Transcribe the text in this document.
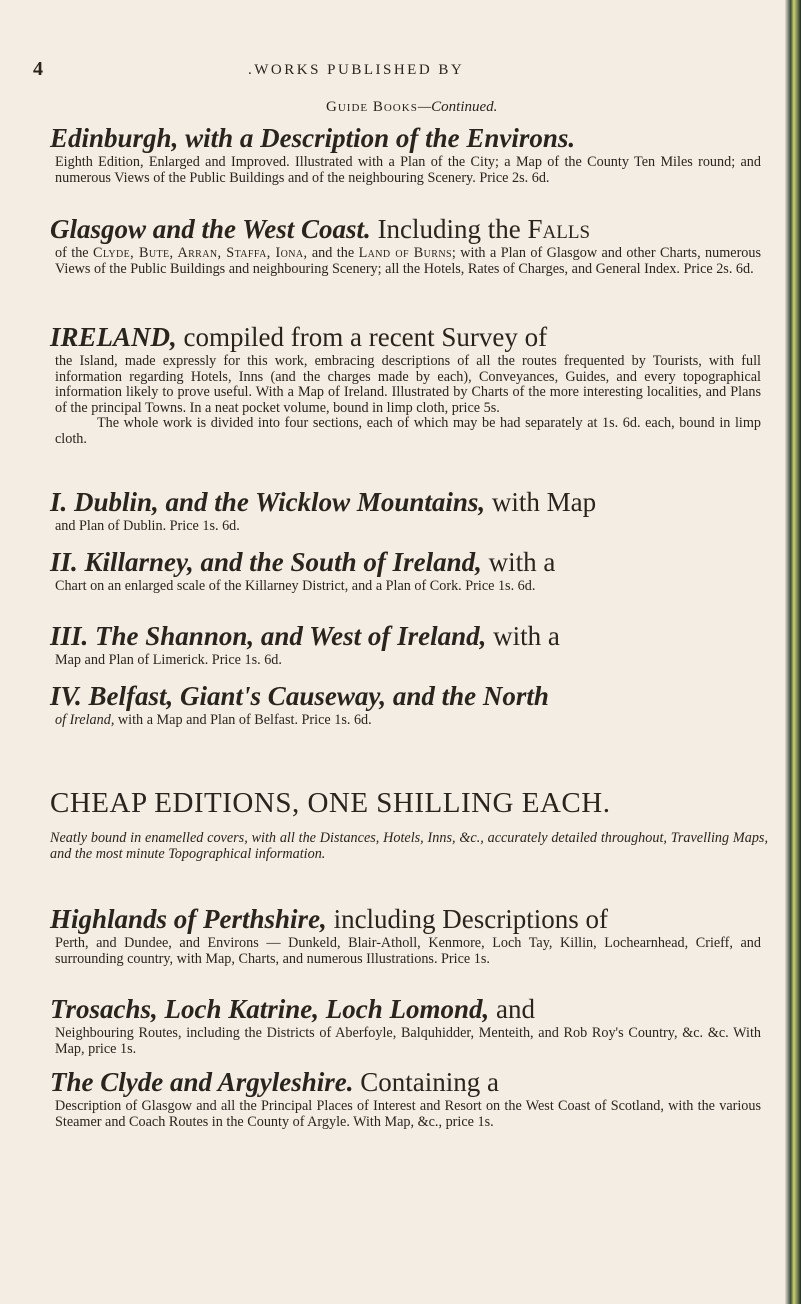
4	.WORKS PUBLISHED BY
Guide Books—Continued.
Edinburgh, with a Description of the Environs.
Eighth Edition, Enlarged and Improved. Illustrated with a Plan of the City; a Map of the County Ten Miles round; and numerous Views of the Public Buildings and of the neighbouring Scenery. Price 2s. 6d.
Glasgow and the West Coast. Including the Falls
of the Clyde, Bute, Arran, Staffa, Iona, and the Land of Burns; with a Plan of Glasgow and other Charts, numerous Views of the Public Buildings and neighbouring Scenery; all the Hotels, Rates of Charges, and General Index. Price 2s. 6d.
IRELAND, compiled from a recent Survey of
the Island, made expressly for this work, embracing descriptions of all the routes frequented by Tourists, with full information regarding Hotels, Inns (and the charges made by each), Conveyances, Guides, and every topographical information likely to prove useful. With a Map of Ireland. Illustrated by Charts of the more interesting localities, and Plans of the principal Towns. In a neat pocket volume, bound in limp cloth, price 5s.
The whole work is divided into four sections, each of which may be had separately at 1s. 6d. each, bound in limp cloth.
I. Dublin, and the Wicklow Mountains, with Map
and Plan of Dublin. Price 1s. 6d.
II. Killarney, and the South of Ireland, with a
Chart on an enlarged scale of the Killarney District, and a Plan of Cork. Price 1s. 6d.
III. The Shannon, and West of Ireland, with a
Map and Plan of Limerick. Price 1s. 6d.
IV. Belfast, Giant's Causeway, and the North
of Ireland, with a Map and Plan of Belfast. Price 1s. 6d.
CHEAP EDITIONS, ONE SHILLING EACH.
Neatly bound in enamelled covers, with all the Distances, Hotels, Inns, &c., accurately detailed throughout, Travelling Maps, and the most minute Topographical information.
Highlands of Perthshire, including Descriptions of
Perth, and Dundee, and Environs — Dunkeld, Blair-Atholl, Kenmore, Loch Tay, Killin, Lochearnhead, Crieff, and surrounding country, with Map, Charts, and numerous Illustrations. Price 1s.
Trosachs, Loch Katrine, Loch Lomond, and
Neighbouring Routes, including the Districts of Aberfoyle, Balquhidder, Menteith, and Rob Roy's Country, &c. &c. With Map, price 1s.
The Clyde and Argyleshire. Containing a
Description of Glasgow and all the Principal Places of Interest and Resort on the West Coast of Scotland, with the various Steamer and Coach Routes in the County of Argyle. With Map, &c., price 1s.
